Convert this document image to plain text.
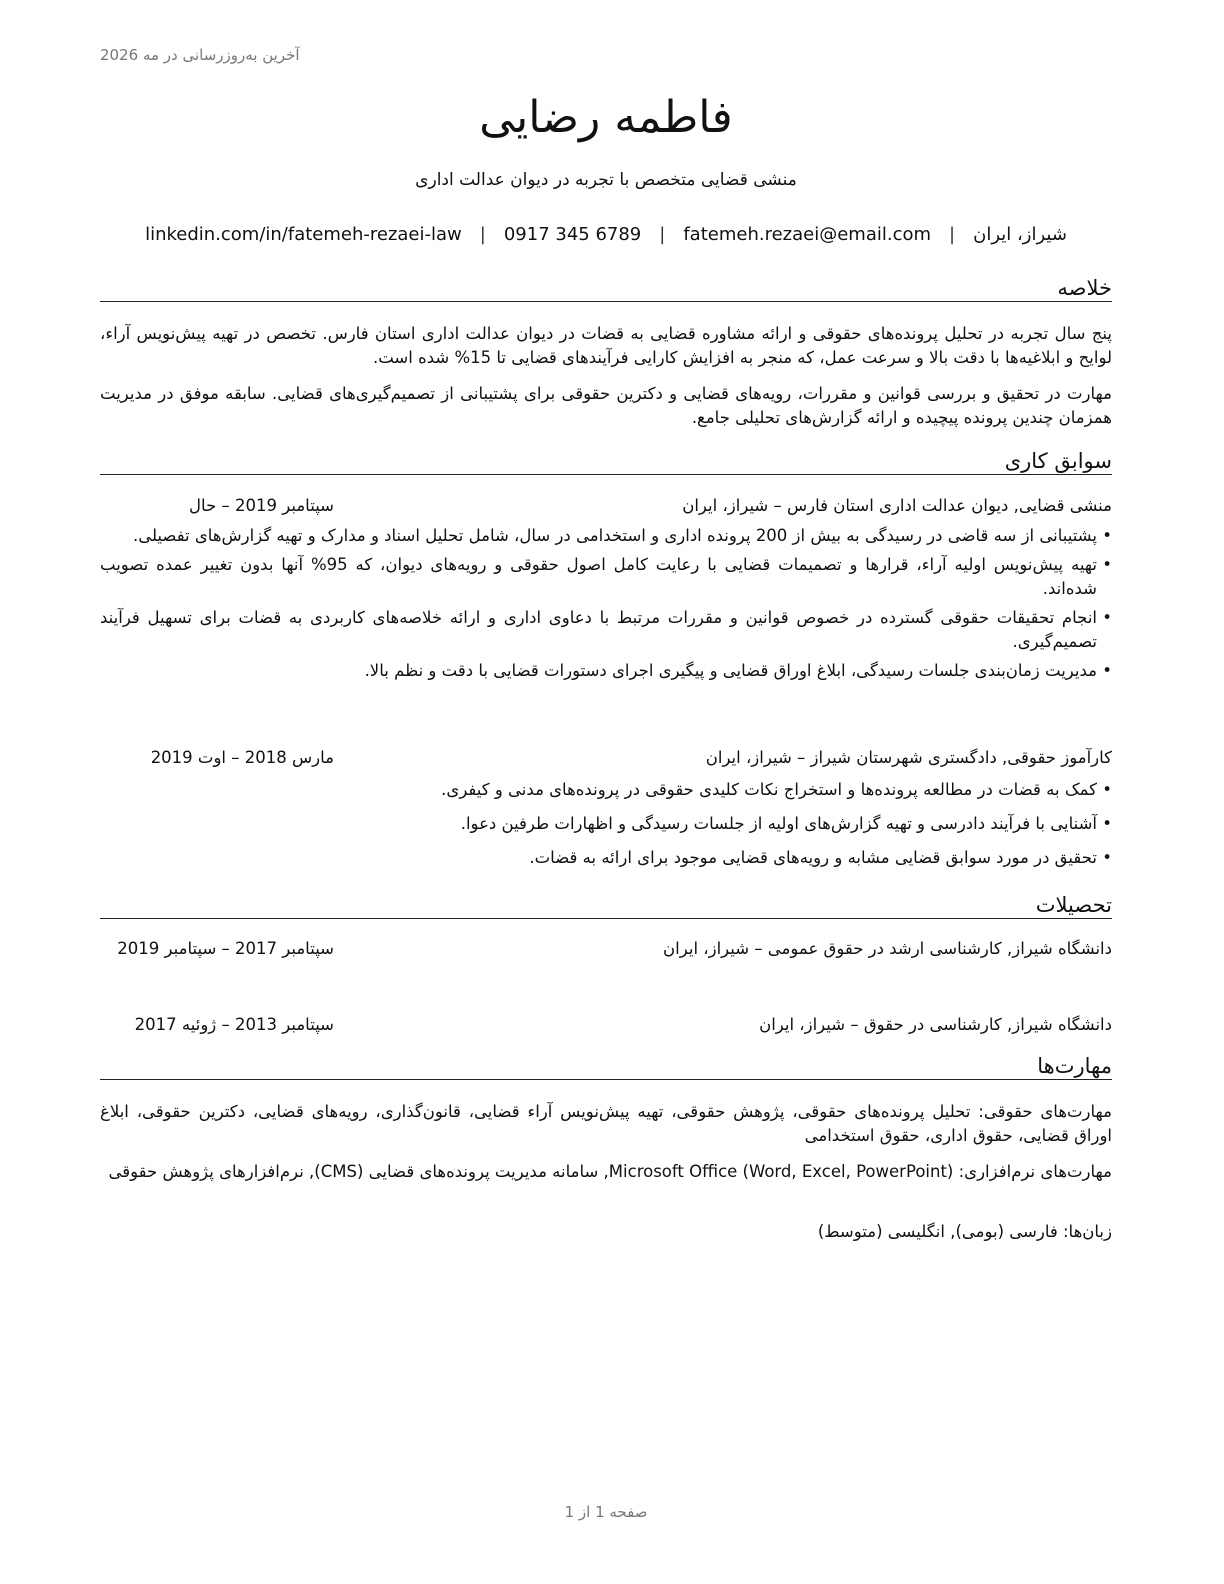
آخرین به‌روزرسانی در مه 2026
فاطمه رضایی
منشی قضایی متخصص با تجربه در دیوان عدالت اداری
شیراز، ایران
|
fatemeh.rezaei@email.com
|
0917 345 6789
|
linkedin.com/in/fatemeh-rezaei-law
خلاصه
پنج سال تجربه در تحلیل پرونده‌های حقوقی و ارائه مشاوره قضایی به قضات در دیوان عدالت اداری استان فارس. تخصص در تهیه پیش‌نویس آراء، لوایح و ابلاغیه‌ها با دقت بالا و سرعت عمل، که منجر به افزایش کارایی فرآیندهای قضایی تا 15% شده است.
مهارت در تحقیق و بررسی قوانین و مقررات، رویه‌های قضایی و دکترین حقوقی برای پشتیبانی از تصمیم‌گیری‌های قضایی. سابقه موفق در مدیریت همزمان چندین پرونده پیچیده و ارائه گزارش‌های تحلیلی جامع.
سوابق کاری
منشی قضایی, دیوان عدالت اداری استان فارس – شیراز، ایران
سپتامبر 2019 – حال
• پشتیبانی از سه قاضی در رسیدگی به بیش از 200 پرونده اداری و استخدامی در سال، شامل تحلیل اسناد و مدارک و تهیه گزارش‌های تفصیلی.
• تهیه پیش‌نویس اولیه آراء، قرارها و تصمیمات قضایی با رعایت کامل اصول حقوقی و رویه‌های دیوان، که 95% آنها بدون تغییر عمده تصویب شده‌اند.
• انجام تحقیقات حقوقی گسترده در خصوص قوانین و مقررات مرتبط با دعاوی اداری و ارائه خلاصه‌های کاربردی به قضات برای تسهیل فرآیند تصمیم‌گیری.
• مدیریت زمان‌بندی جلسات رسیدگی، ابلاغ اوراق قضایی و پیگیری اجرای دستورات قضایی با دقت و نظم بالا.
کارآموز حقوقی, دادگستری شهرستان شیراز – شیراز، ایران
مارس 2018 – اوت 2019
• کمک به قضات در مطالعه پرونده‌ها و استخراج نکات کلیدی حقوقی در پرونده‌های مدنی و کیفری.
• آشنایی با فرآیند دادرسی و تهیه گزارش‌های اولیه از جلسات رسیدگی و اظهارات طرفین دعوا.
• تحقیق در مورد سوابق قضایی مشابه و رویه‌های قضایی موجود برای ارائه به قضات.
تحصیلات
دانشگاه شیراز, کارشناسی ارشد در حقوق عمومی – شیراز، ایران
سپتامبر 2017 – سپتامبر 2019
دانشگاه شیراز, کارشناسی در حقوق – شیراز، ایران
سپتامبر 2013 – ژوئیه 2017
مهارت‌ها
مهارت‌های حقوقی: تحلیل پرونده‌های حقوقی، پژوهش حقوقی، تهیه پیش‌نویس آراء قضایی، قانون‌گذاری، رویه‌های قضایی، دکترین حقوقی، ابلاغ اوراق قضایی، حقوق اداری، حقوق استخدامی
مهارت‌های نرم‌افزاری: Microsoft Office (Word, Excel, PowerPoint), سامانه مدیریت پرونده‌های قضایی (CMS), نرم‌افزارهای پژوهش حقوقی
زبان‌ها: فارسی (بومی), انگلیسی (متوسط)
صفحه 1 از 1
